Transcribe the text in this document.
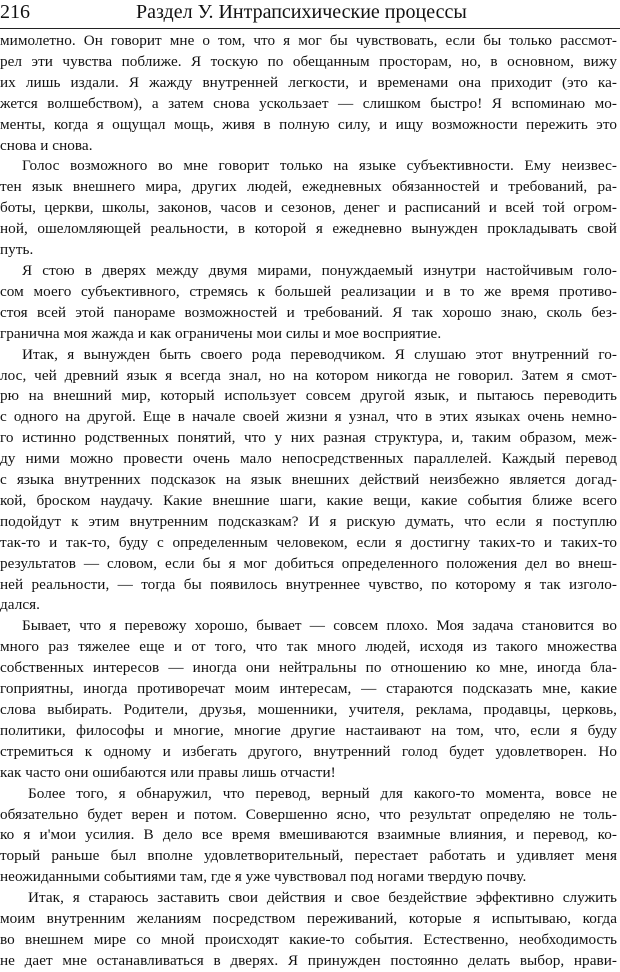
216	Раздел У. Интрапсихические процессы
мимолетно. Он говорит мне о том, что я мог бы чувствовать, если бы только рассмот-
рел эти чувства поближе. Я тоскую по обещанным просторам, но, в основном, вижу
их лишь издали. Я жажду внутренней легкости, и временами она приходит (это ка-
жется волшебством), а затем снова ускользает — слишком быстро! Я вспоминаю мо-
менты, когда я ощущал мощь, живя в полную силу, и ищу возможности пережить это
снова и снова.
Голос возможного во мне говорит только на языке субъективности. Ему неизвес-
тен язык внешнего мира, других людей, ежедневных обязанностей и требований, ра-
боты, церкви, школы, законов, часов и сезонов, денег и расписаний и всей той огром-
ной, ошеломляющей реальности, в которой я ежедневно вынужден прокладывать свой
путь.
Я стою в дверях между двумя мирами, понуждаемый изнутри настойчивым голо-
сом моего субъективного, стремясь к большей реализации и в то же время противо-
стоя всей этой панораме возможностей и требований. Я так хорошо знаю, сколь без-
гранична моя жажда и как ограничены мои силы и мое восприятие.
Итак, я вынужден быть своего рода переводчиком. Я слушаю этот внутренний го-
лос, чей древний язык я всегда знал, но на котором никогда не говорил. Затем я смот-
рю на внешний мир, который использует совсем другой язык, и пытаюсь переводить
с одного на другой. Еще в начале своей жизни я узнал, что в этих языках очень немно-
го истинно родственных понятий, что у них разная структура, и, таким образом, меж-
ду ними можно провести очень мало непосредственных параллелей. Каждый перевод
с языка внутренних подсказок на язык внешних действий неизбежно является догад-
кой, броском наудачу. Какие внешние шаги, какие вещи, какие события ближе всего
подойдут к этим внутренним подсказкам? И я рискую думать, что если я поступлю
так-то и так-то, буду с определенным человеком, если я достигну таких-то и таких-то
результатов — словом, если бы я мог добиться определенного положения дел во внеш-
ней реальности, — тогда бы появилось внутреннее чувство, по которому я так изголо-
дался.
Бывает, что я перевожу хорошо, бывает — совсем плохо. Моя задача становится во
много раз тяжелее еще и от того, что так много людей, исходя из такого множества
собственных интересов — иногда они нейтральны по отношению ко мне, иногда бла-
гоприятны, иногда противоречат моим интересам, — стараются подсказать мне, какие
слова выбирать. Родители, друзья, мошенники, учителя, реклама, продавцы, церковь,
политики, философы и многие, многие другие настаивают на том, что, если я буду
стремиться к одному и избегать другого, внутренний голод будет удовлетворен. Но
как часто они ошибаются или правы лишь отчасти!
Более того, я обнаружил, что перевод, верный для какого-то момента, вовсе не
обязательно будет верен и потом. Совершенно ясно, что результат определяю не толь-
ко я и'мои усилия. В дело все время вмешиваются взаимные влияния, и перевод, ко-
торый раньше был вполне удовлетворительный, перестает работать и удивляет меня
неожиданными событиями там, где я уже чувствовал под ногами твердую почву.
Итак, я стараюсь заставить свои действия и свое бездействие эффективно служить
моим внутренним желаниям посредством переживаний, которые я испытываю, когда
во внешнем мире со мной происходят какие-то события. Естественно, необходимость
не дает мне останавливаться в дверях. Я принужден постоянно делать выбор, нрави-
